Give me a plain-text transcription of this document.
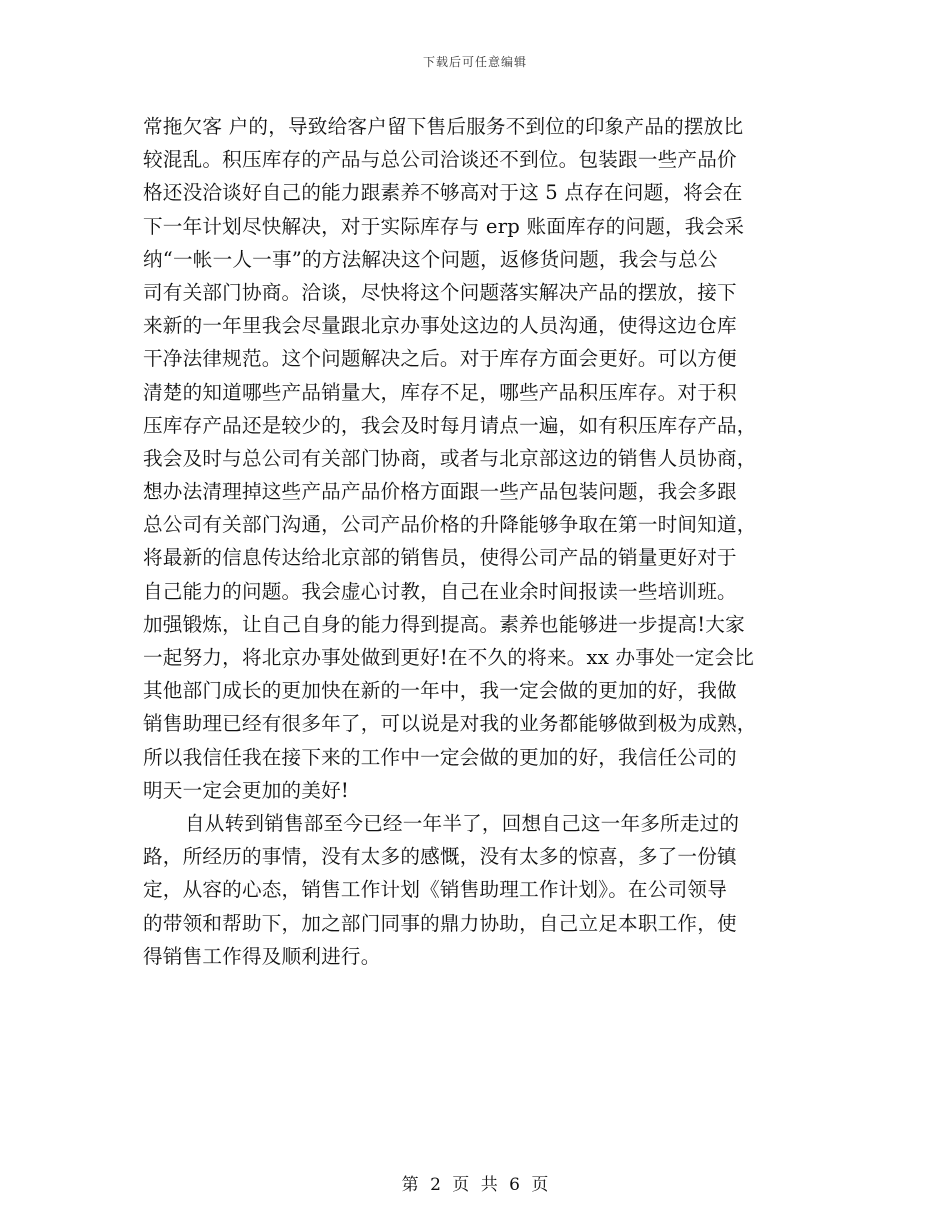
下载后可任意编辑
常拖欠客 户的，导致给客户留下售后服务不到位的印象产品的摆放比
较混乱。积压库存的产品与总公司洽谈还不到位。包装跟一些产品价
格还没洽谈好自己的能力跟素养不够高对于这 5 点存在问题，将会在
下一年计划尽快解决，对于实际库存与 erp 账面库存的问题，我会采
纳“一帐一人一事”的方法解决这个问题，返修货问题，我会与总公
司有关部门协商。洽谈，尽快将这个问题落实解决产品的摆放，接下
来新的一年里我会尽量跟北京办事处这边的人员沟通，使得这边仓库
干净法律规范。这个问题解决之后。对于库存方面会更好。可以方便
清楚的知道哪些产品销量大，库存不足，哪些产品积压库存。对于积
压库存产品还是较少的，我会及时每月请点一遍，如有积压库存产品，
我会及时与总公司有关部门协商，或者与北京部这边的销售人员协商，
想办法清理掉这些产品产品价格方面跟一些产品包装问题，我会多跟
总公司有关部门沟通，公司产品价格的升降能够争取在第一时间知道，
将最新的信息传达给北京部的销售员，使得公司产品的销量更好对于
自己能力的问题。我会虚心讨教，自己在业余时间报读一些培训班。
加强锻炼，让自己自身的能力得到提高。素养也能够进一步提高!大家
一起努力，将北京办事处做到更好!在不久的将来。xx 办事处一定会比
其他部门成长的更加快在新的一年中，我一定会做的更加的好，我做
销售助理已经有很多年了，可以说是对我的业务都能够做到极为成熟，
所以我信任我在接下来的工作中一定会做的更加的好，我信任公司的
明天一定会更加的美好!
自从转到销售部至今已经一年半了，回想自己这一年多所走过的
路，所经历的事情，没有太多的感慨，没有太多的惊喜，多了一份镇
定，从容的心态，销售工作计划《销售助理工作计划》。在公司领导
的带领和帮助下，加之部门同事的鼎力协助，自己立足本职工作，使
得销售工作得及顺利进行。
第 2 页 共 6 页
